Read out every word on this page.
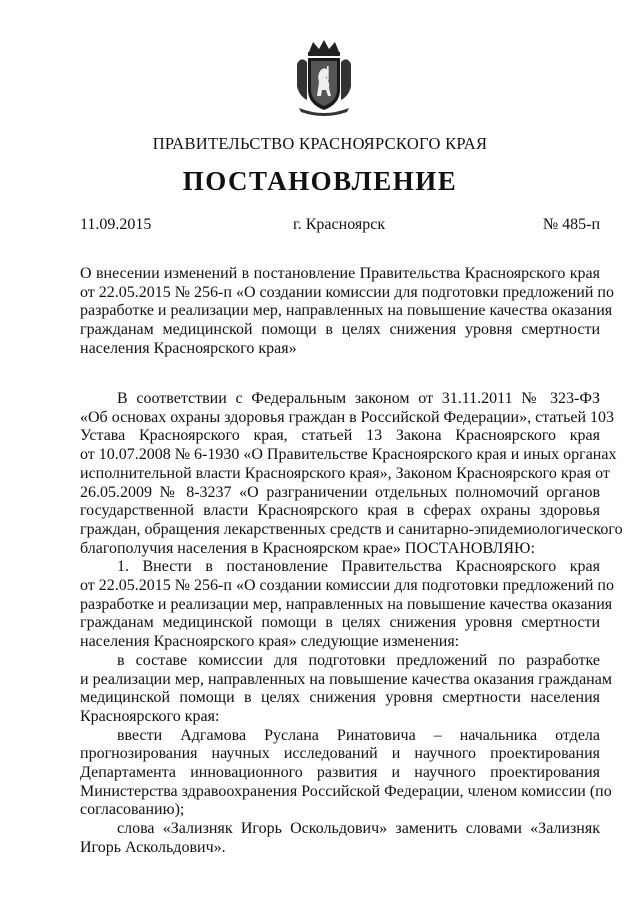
ПРАВИТЕЛЬСТВО КРАСНОЯРСКОГО КРАЯ
ПОСТАНОВЛЕНИЕ
11.09.2015	г. Красноярск	№ 485-п
О внесении изменений в постановление Правительства Красноярского края
от 22.05.2015 № 256-п «О создании комиссии для подготовки предложений по
разработке и реализации мер, направленных на повышение качества оказания
гражданам медицинской помощи в целях снижения уровня смертности
населения Красноярского края»
В соответствии с Федеральным законом от 31.11.2011 № 323-ФЗ
«Об основах охраны здоровья граждан в Российской Федерации», статьей 103
Устава Красноярского края, статьей 13 Закона Красноярского края
от 10.07.2008 № 6-1930 «О Правительстве Красноярского края и иных органах
исполнительной власти Красноярского края», Законом Красноярского края от
26.05.2009 № 8-3237 «О разграничении отдельных полномочий органов
государственной власти Красноярского края в сферах охраны здоровья
граждан, обращения лекарственных средств и санитарно-эпидемиологического
благополучия населения в Красноярском крае» ПОСТАНОВЛЯЮ:
1. Внести в постановление Правительства Красноярского края
от 22.05.2015 № 256-п «О создании комиссии для подготовки предложений по
разработке и реализации мер, направленных на повышение качества оказания
гражданам медицинской помощи в целях снижения уровня смертности
населения Красноярского края» следующие изменения:
в составе комиссии для подготовки предложений по разработке
и реализации мер, направленных на повышение качества оказания гражданам
медицинской помощи в целях снижения уровня смертности населения
Красноярского края:
ввести Адгамова Руслана Ринатовича – начальника отдела
прогнозирования научных исследований и научного проектирования
Департамента инновационного развития и научного проектирования
Министерства здравоохранения Российской Федерации, членом комиссии (по
согласованию);
слова «Зализняк Игорь Оскольдович» заменить словами «Зализняк
Игорь Аскольдович».
